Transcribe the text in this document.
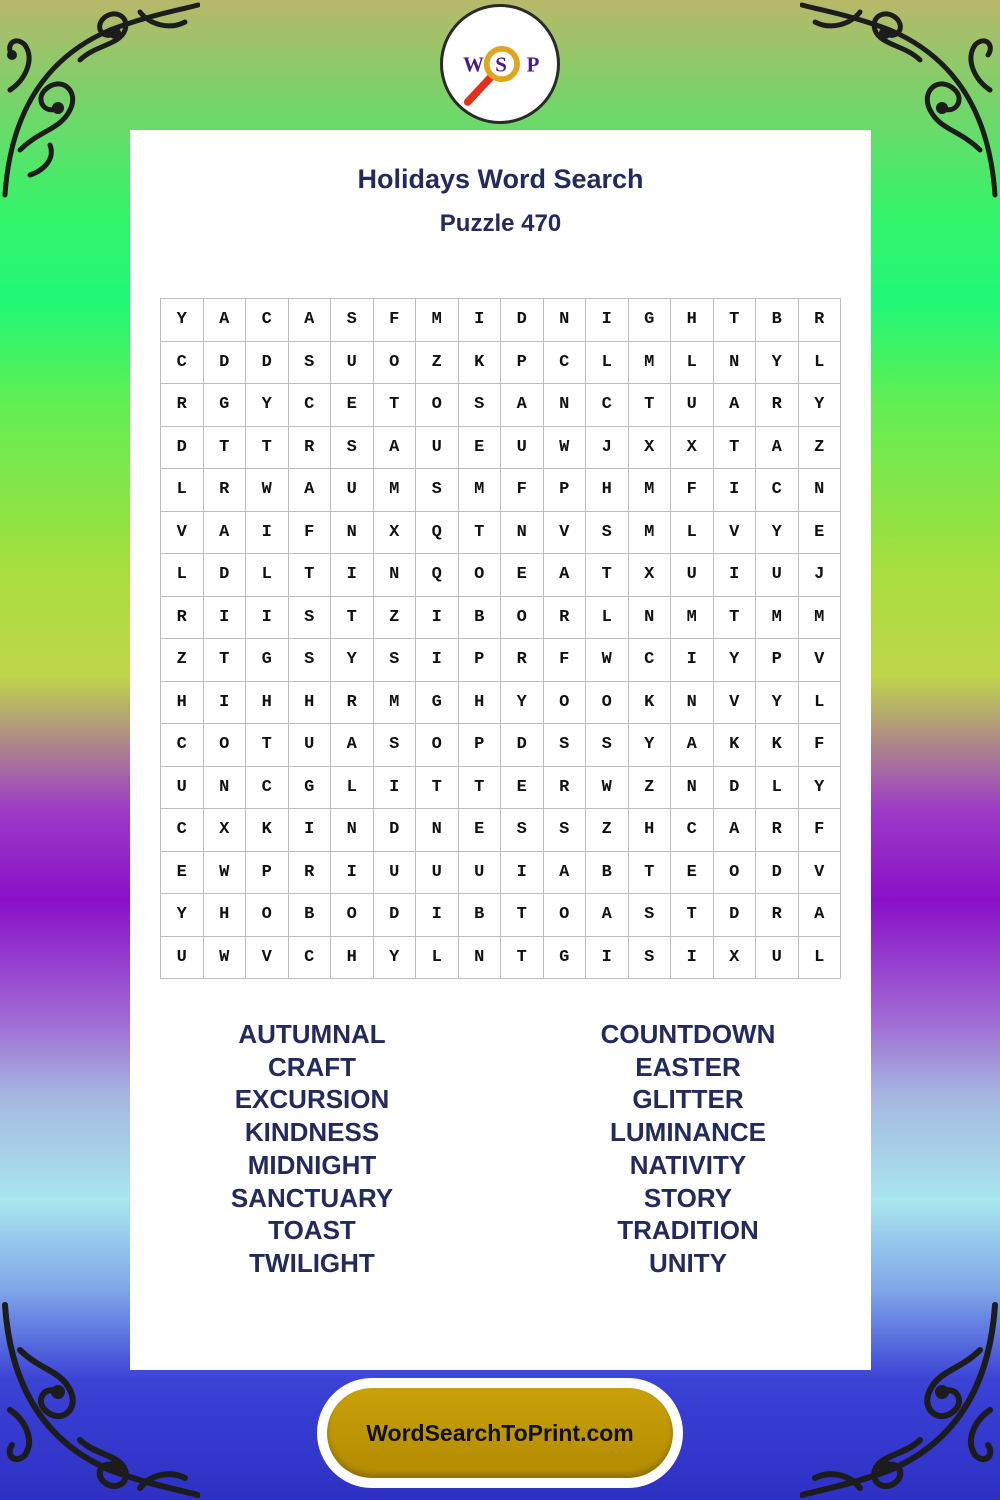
W S P
Holidays Word Search
Puzzle 470
Y	A	C	A	S	F	M	I	D	N	I	G	H	T	B	R
C	D	D	S	U	O	Z	K	P	C	L	M	L	N	Y	L
R	G	Y	C	E	T	O	S	A	N	C	T	U	A	R	Y
D	T	T	R	S	A	U	E	U	W	J	X	X	T	A	Z
L	R	W	A	U	M	S	M	F	P	H	M	F	I	C	N
V	A	I	F	N	X	Q	T	N	V	S	M	L	V	Y	E
L	D	L	T	I	N	Q	O	E	A	T	X	U	I	U	J
R	I	I	S	T	Z	I	B	O	R	L	N	M	T	M	M
Z	T	G	S	Y	S	I	P	R	F	W	C	I	Y	P	V
H	I	H	H	R	M	G	H	Y	O	O	K	N	V	Y	L
C	O	T	U	A	S	O	P	D	S	S	Y	A	K	K	F
U	N	C	G	L	I	T	T	E	R	W	Z	N	D	L	Y
C	X	K	I	N	D	N	E	S	S	Z	H	C	A	R	F
E	W	P	R	I	U	U	U	I	A	B	T	E	O	D	V
Y	H	O	B	O	D	I	B	T	O	A	S	T	D	R	A
U	W	V	C	H	Y	L	N	T	G	I	S	I	X	U	L
AUTUMNAL
CRAFT
EXCURSION
KINDNESS
MIDNIGHT
SANCTUARY
TOAST
TWILIGHT
COUNTDOWN
EASTER
GLITTER
LUMINANCE
NATIVITY
STORY
TRADITION
UNITY
WordSearchToPrint.com
